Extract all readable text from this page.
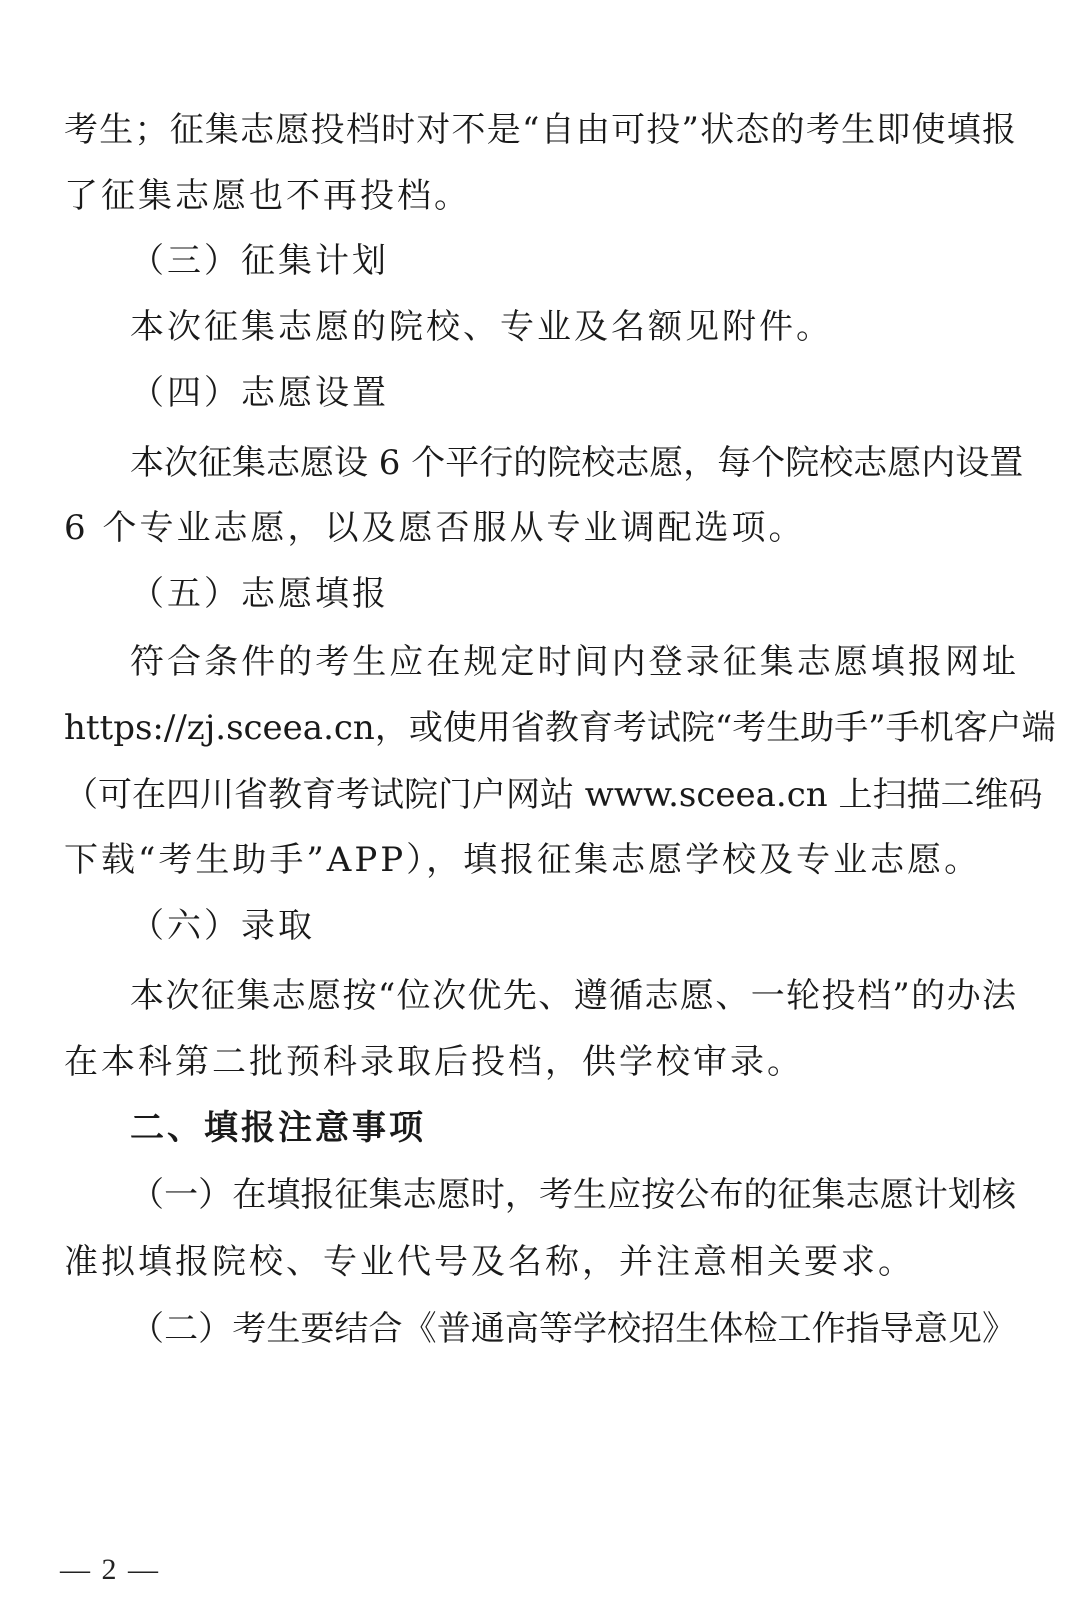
考生；征集志愿投档时对不是“自由可投”状态的考生即使填报
了征集志愿也不再投档。
（三）征集计划
本次征集志愿的院校、专业及名额见附件。
（四）志愿设置
本次征集志愿设 6 个平行的院校志愿，每个院校志愿内设置
6 个专业志愿，以及愿否服从专业调配选项。
（五）志愿填报
符合条件的考生应在规定时间内登录征集志愿填报网址
https://zj.sceea.cn，或使用省教育考试院“考生助手”手机客户端
（可在四川省教育考试院门户网站 www.sceea.cn 上扫描二维码
下载“考生助手”APP），填报征集志愿学校及专业志愿。
（六）录取
本次征集志愿按“位次优先、遵循志愿、一轮投档”的办法
在本科第二批预科录取后投档，供学校审录。
二、填报注意事项
（一）在填报征集志愿时，考生应按公布的征集志愿计划核
准拟填报院校、专业代号及名称，并注意相关要求。
（二）考生要结合《普通高等学校招生体检工作指导意见》
— 2 —
